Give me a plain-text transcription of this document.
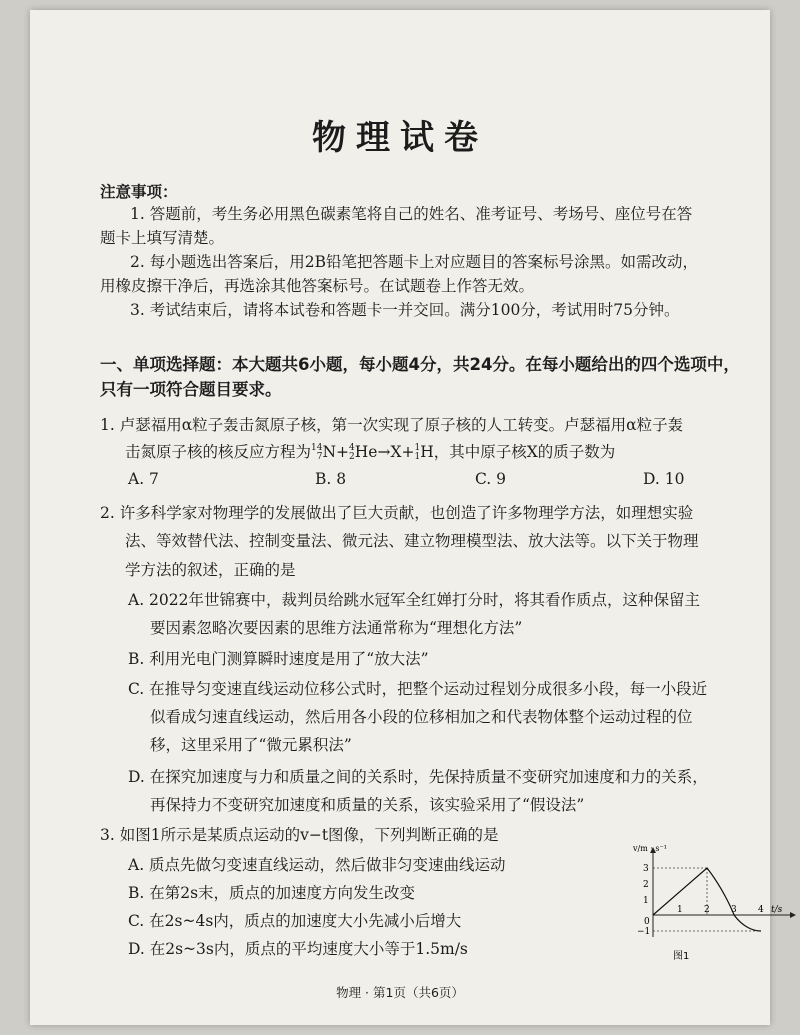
物理试卷
注意事项：
1. 答题前，考生务必用黑色碳素笔将自己的姓名、准考证号、考场号、座位号在答
题卡上填写清楚。
2. 每小题选出答案后，用2B铅笔把答题卡上对应题目的答案标号涂黑。如需改动，
用橡皮擦干净后，再选涂其他答案标号。在试题卷上作答无效。
3. 考试结束后，请将本试卷和答题卡一并交回。满分100分，考试用时75分钟。
一、单项选择题：本大题共6小题，每小题4分，共24分。在每小题给出的四个选项中，
只有一项符合题目要求。
1. 卢瑟福用α粒子轰击氮原子核，第一次实现了原子核的人工转变。卢瑟福用α粒子轰
击氮原子核的核反应方程为 14
7 N+ 4
2 He→X+ 1
1 H，其中原子核X的质子数为
A. 7	B. 8	C. 9	D. 10
2. 许多科学家对物理学的发展做出了巨大贡献，也创造了许多物理学方法，如理想实验
法、等效替代法、控制变量法、微元法、建立物理模型法、放大法等。以下关于物理
学方法的叙述，正确的是
A. 2022年世锦赛中，裁判员给跳水冠军全红婵打分时，将其看作质点，这种保留主
要因素忽略次要因素的思维方法通常称为“理想化方法”
B. 利用光电门测算瞬时速度是用了“放大法”
C. 在推导匀变速直线运动位移公式时，把整个运动过程划分成很多小段，每一小段近
似看成匀速直线运动，然后用各小段的位移相加之和代表物体整个运动过程的位
移，这里采用了“微元累积法”
D. 在探究加速度与力和质量之间的关系时，先保持质量不变研究加速度和力的关系，
再保持力不变研究加速度和质量的关系，该实验采用了“假设法”
3. 如图1所示是某质点运动的v−t图像，下列判断正确的是
A. 质点先做匀变速直线运动，然后做非匀变速曲线运动
B. 在第2s末，质点的加速度方向发生改变
C. 在2s~4s内，质点的加速度大小先减小后增大
D. 在2s~3s内，质点的平均速度大小等于1.5m/s
v/m · s⁻¹
3
2
1
0
−1
1 2 3 4 t/s
图1
物理 · 第1页（共6页）
